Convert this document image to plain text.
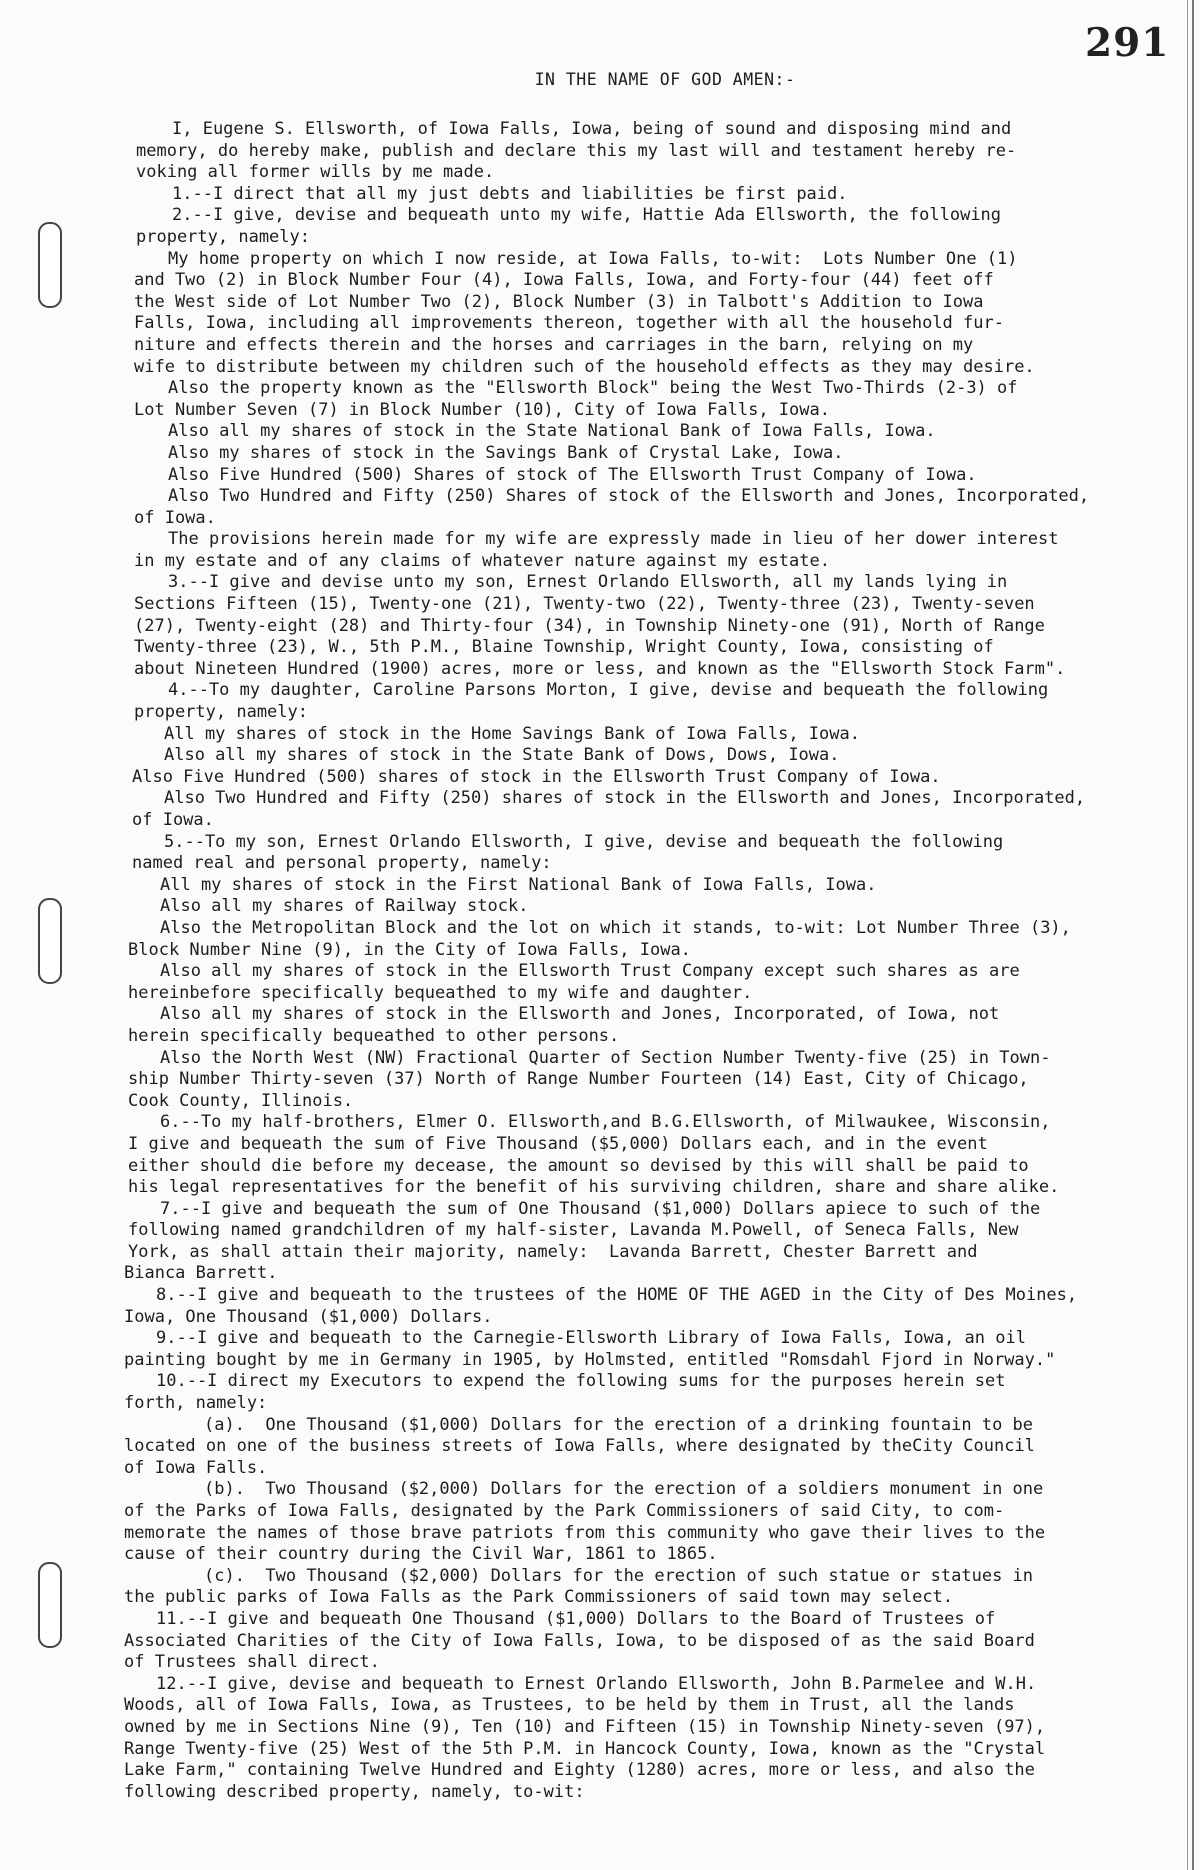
291
IN THE NAME OF GOD AMEN:-
I, Eugene S. Ellsworth, of Iowa Falls, Iowa, being of sound and disposing mind and
memory, do hereby make, publish and declare this my last will and testament hereby re-
voking all former wills by me made.
1.--I direct that all my just debts and liabilities be first paid.
2.--I give, devise and bequeath unto my wife, Hattie Ada Ellsworth, the following
property, namely:
My home property on which I now reside, at Iowa Falls, to-wit:  Lots Number One (1)
and Two (2) in Block Number Four (4), Iowa Falls, Iowa, and Forty-four (44) feet off
the West side of Lot Number Two (2), Block Number (3) in Talbott's Addition to Iowa
Falls, Iowa, including all improvements thereon, together with all the household fur-
niture and effects therein and the horses and carriages in the barn, relying on my
wife to distribute between my children such of the household effects as they may desire.
Also the property known as the "Ellsworth Block" being the West Two-Thirds (2-3) of
Lot Number Seven (7) in Block Number (10), City of Iowa Falls, Iowa.
Also all my shares of stock in the State National Bank of Iowa Falls, Iowa.
Also my shares of stock in the Savings Bank of Crystal Lake, Iowa.
Also Five Hundred (500) Shares of stock of The Ellsworth Trust Company of Iowa.
Also Two Hundred and Fifty (250) Shares of stock of the Ellsworth and Jones, Incorporated,
of Iowa.
The provisions herein made for my wife are expressly made in lieu of her dower interest
in my estate and of any claims of whatever nature against my estate.
3.--I give and devise unto my son, Ernest Orlando Ellsworth, all my lands lying in
Sections Fifteen (15), Twenty-one (21), Twenty-two (22), Twenty-three (23), Twenty-seven
(27), Twenty-eight (28) and Thirty-four (34), in Township Ninety-one (91), North of Range
Twenty-three (23), W., 5th P.M., Blaine Township, Wright County, Iowa, consisting of
about Nineteen Hundred (1900) acres, more or less, and known as the "Ellsworth Stock Farm".
4.--To my daughter, Caroline Parsons Morton, I give, devise and bequeath the following
property, namely:
All my shares of stock in the Home Savings Bank of Iowa Falls, Iowa.
Also all my shares of stock in the State Bank of Dows, Dows, Iowa.
Also Five Hundred (500) shares of stock in the Ellsworth Trust Company of Iowa.
Also Two Hundred and Fifty (250) shares of stock in the Ellsworth and Jones, Incorporated,
of Iowa.
5.--To my son, Ernest Orlando Ellsworth, I give, devise and bequeath the following
named real and personal property, namely:
All my shares of stock in the First National Bank of Iowa Falls, Iowa.
Also all my shares of Railway stock.
Also the Metropolitan Block and the lot on which it stands, to-wit: Lot Number Three (3),
Block Number Nine (9), in the City of Iowa Falls, Iowa.
Also all my shares of stock in the Ellsworth Trust Company except such shares as are
hereinbefore specifically bequeathed to my wife and daughter.
Also all my shares of stock in the Ellsworth and Jones, Incorporated, of Iowa, not
herein specifically bequeathed to other persons.
Also the North West (NW) Fractional Quarter of Section Number Twenty-five (25) in Town-
ship Number Thirty-seven (37) North of Range Number Fourteen (14) East, City of Chicago,
Cook County, Illinois.
6.--To my half-brothers, Elmer O. Ellsworth,and B.G.Ellsworth, of Milwaukee, Wisconsin,
I give and bequeath the sum of Five Thousand ($5,000) Dollars each, and in the event
either should die before my decease, the amount so devised by this will shall be paid to
his legal representatives for the benefit of his surviving children, share and share alike.
7.--I give and bequeath the sum of One Thousand ($1,000) Dollars apiece to such of the
following named grandchildren of my half-sister, Lavanda M.Powell, of Seneca Falls, New
York, as shall attain their majority, namely:  Lavanda Barrett, Chester Barrett and
Bianca Barrett.
8.--I give and bequeath to the trustees of the HOME OF THE AGED in the City of Des Moines,
Iowa, One Thousand ($1,000) Dollars.
9.--I give and bequeath to the Carnegie-Ellsworth Library of Iowa Falls, Iowa, an oil
painting bought by me in Germany in 1905, by Holmsted, entitled "Romsdahl Fjord in Norway."
10.--I direct my Executors to expend the following sums for the purposes herein set
forth, namely:
(a).  One Thousand ($1,000) Dollars for the erection of a drinking fountain to be
located on one of the business streets of Iowa Falls, where designated by theCity Council
of Iowa Falls.
(b).  Two Thousand ($2,000) Dollars for the erection of a soldiers monument in one
of the Parks of Iowa Falls, designated by the Park Commissioners of said City, to com-
memorate the names of those brave patriots from this community who gave their lives to the
cause of their country during the Civil War, 1861 to 1865.
(c).  Two Thousand ($2,000) Dollars for the erection of such statue or statues in
the public parks of Iowa Falls as the Park Commissioners of said town may select.
11.--I give and bequeath One Thousand ($1,000) Dollars to the Board of Trustees of
Associated Charities of the City of Iowa Falls, Iowa, to be disposed of as the said Board
of Trustees shall direct.
12.--I give, devise and bequeath to Ernest Orlando Ellsworth, John B.Parmelee and W.H.
Woods, all of Iowa Falls, Iowa, as Trustees, to be held by them in Trust, all the lands
owned by me in Sections Nine (9), Ten (10) and Fifteen (15) in Township Ninety-seven (97),
Range Twenty-five (25) West of the 5th P.M. in Hancock County, Iowa, known as the "Crystal
Lake Farm," containing Twelve Hundred and Eighty (1280) acres, more or less, and also the
following described property, namely, to-wit:
